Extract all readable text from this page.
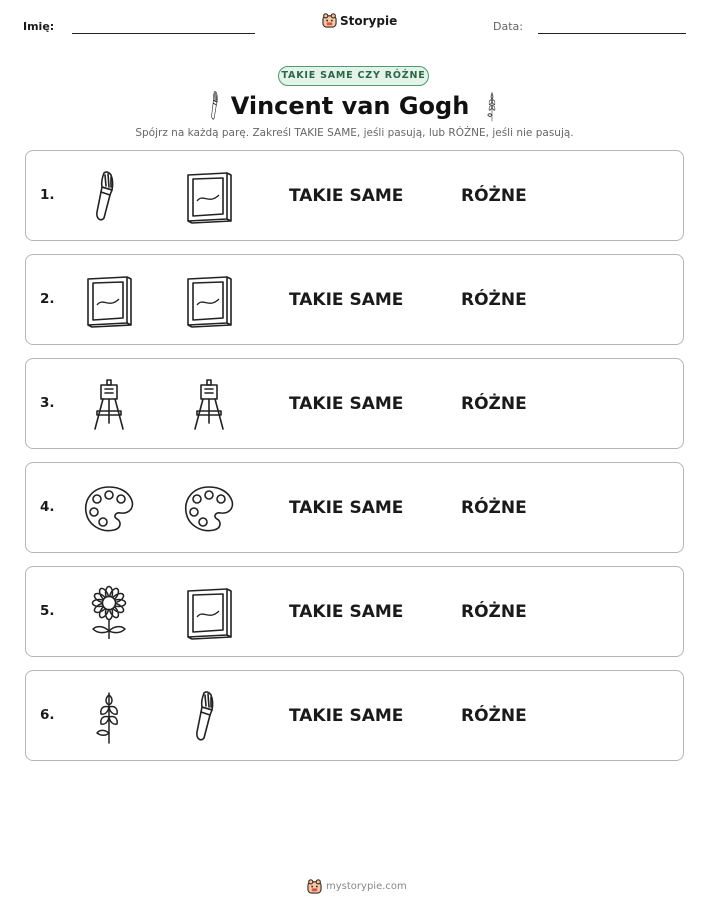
Imię:	Storypie	Data:
TAKIE SAME CZY RÓŻNE
Vincent van Gogh
Spójrz na każdą parę. Zakreśl TAKIE SAME, jeśli pasują, lub RÓŻNE, jeśli nie pasują.
1.	TAKIE SAME	RÓŻNE
2.	TAKIE SAME	RÓŻNE
3.	TAKIE SAME	RÓŻNE
4.	TAKIE SAME	RÓŻNE
5.	TAKIE SAME	RÓŻNE
6.	TAKIE SAME	RÓŻNE
mystorypie.com
